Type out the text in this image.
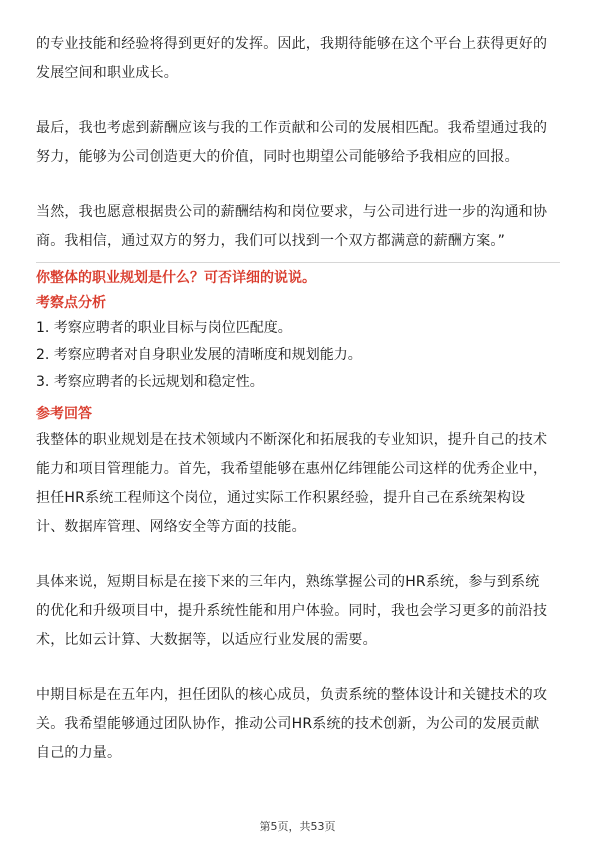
的专业技能和经验将得到更好的发挥。因此，我期待能够在这个平台上获得更好的
发展空间和职业成长。

最后，我也考虑到薪酬应该与我的工作贡献和公司的发展相匹配。我希望通过我的
努力，能够为公司创造更大的价值，同时也期望公司能够给予我相应的回报。

当然，我也愿意根据贵公司的薪酬结构和岗位要求，与公司进行进一步的沟通和协
商。我相信，通过双方的努力，我们可以找到一个双方都满意的薪酬方案。”

你整体的职业规划是什么？可否详细的说说。

考察点分析

1. 考察应聘者的职业目标与岗位匹配度。
2. 考察应聘者对自身职业发展的清晰度和规划能力。
3. 考察应聘者的长远规划和稳定性。

参考回答

我整体的职业规划是在技术领域内不断深化和拓展我的专业知识，提升自己的技术
能力和项目管理能力。首先，我希望能够在惠州亿纬锂能公司这样的优秀企业中，
担任HR系统工程师这个岗位，通过实际工作积累经验，提升自己在系统架构设
计、数据库管理、网络安全等方面的技能。

具体来说，短期目标是在接下来的三年内，熟练掌握公司的HR系统，参与到系统
的优化和升级项目中，提升系统性能和用户体验。同时，我也会学习更多的前沿技
术，比如云计算、大数据等，以适应行业发展的需要。

中期目标是在五年内，担任团队的核心成员，负责系统的整体设计和关键技术的攻
关。我希望能够通过团队协作，推动公司HR系统的技术创新，为公司的发展贡献
自己的力量。

第5页，共53页
